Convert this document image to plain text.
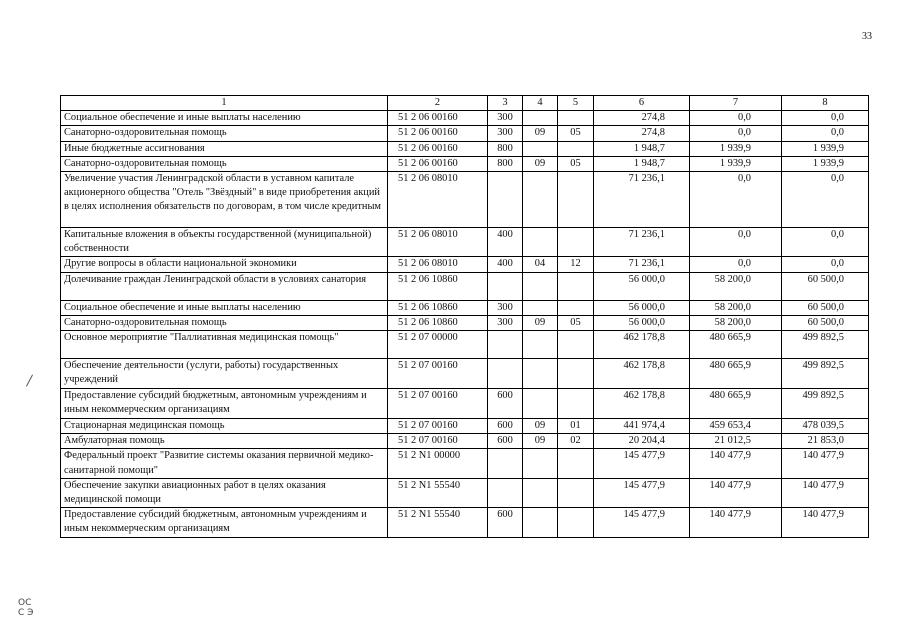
33
1	2	3	4	5	6	7	8
Социальное обеспечение и иные выплаты населению	51 2 06 00160	300			274,8	0,0	0,0
Санаторно-оздоровительная помощь	51 2 06 00160	300	09	05	274,8	0,0	0,0
Иные бюджетные ассигнования	51 2 06 00160	800			1 948,7	1 939,9	1 939,9
Санаторно-оздоровительная помощь	51 2 06 00160	800	09	05	1 948,7	1 939,9	1 939,9
Увеличение участия Ленинградской области в уставном капитале акционерного общества "Отель "Звёздный" в виде приобретения акций в целях исполнения обязательств по договорам, в том числе кредитным	51 2 06 08010				71 236,1	0,0	0,0
Капитальные вложения в объекты государственной (муниципальной) собственности	51 2 06 08010	400			71 236,1	0,0	0,0
Другие вопросы в области национальной экономики	51 2 06 08010	400	04	12	71 236,1	0,0	0,0
Долечивание граждан Ленинградской области в условиях санатория	51 2 06 10860				56 000,0	58 200,0	60 500,0
Социальное обеспечение и иные выплаты населению	51 2 06 10860	300			56 000,0	58 200,0	60 500,0
Санаторно-оздоровительная помощь	51 2 06 10860	300	09	05	56 000,0	58 200,0	60 500,0
Основное мероприятие "Паллиативная медицинская помощь"	51 2 07 00000				462 178,8	480 665,9	499 892,5
Обеспечение деятельности (услуги, работы) государственных учреждений	51 2 07 00160				462 178,8	480 665,9	499 892,5
Предоставление субсидий бюджетным, автономным учреждениям и иным некоммерческим организациям	51 2 07 00160	600			462 178,8	480 665,9	499 892,5
Стационарная медицинская помощь	51 2 07 00160	600	09	01	441 974,4	459 653,4	478 039,5
Амбулаторная помощь	51 2 07 00160	600	09	02	20 204,4	21 012,5	21 853,0
Федеральный проект "Развитие системы оказания первичной медико-санитарной помощи"	51 2 N1 00000				145 477,9	140 477,9	140 477,9
Обеспечение закупки авиационных работ в целях оказания медицинской помощи	51 2 N1 55540				145 477,9	140 477,9	140 477,9
Предоставление субсидий бюджетным, автономным учреждениям и иным некоммерческим организациям	51 2 N1 55540	600			145 477,9	140 477,9	140 477,9
ОС
С Э
